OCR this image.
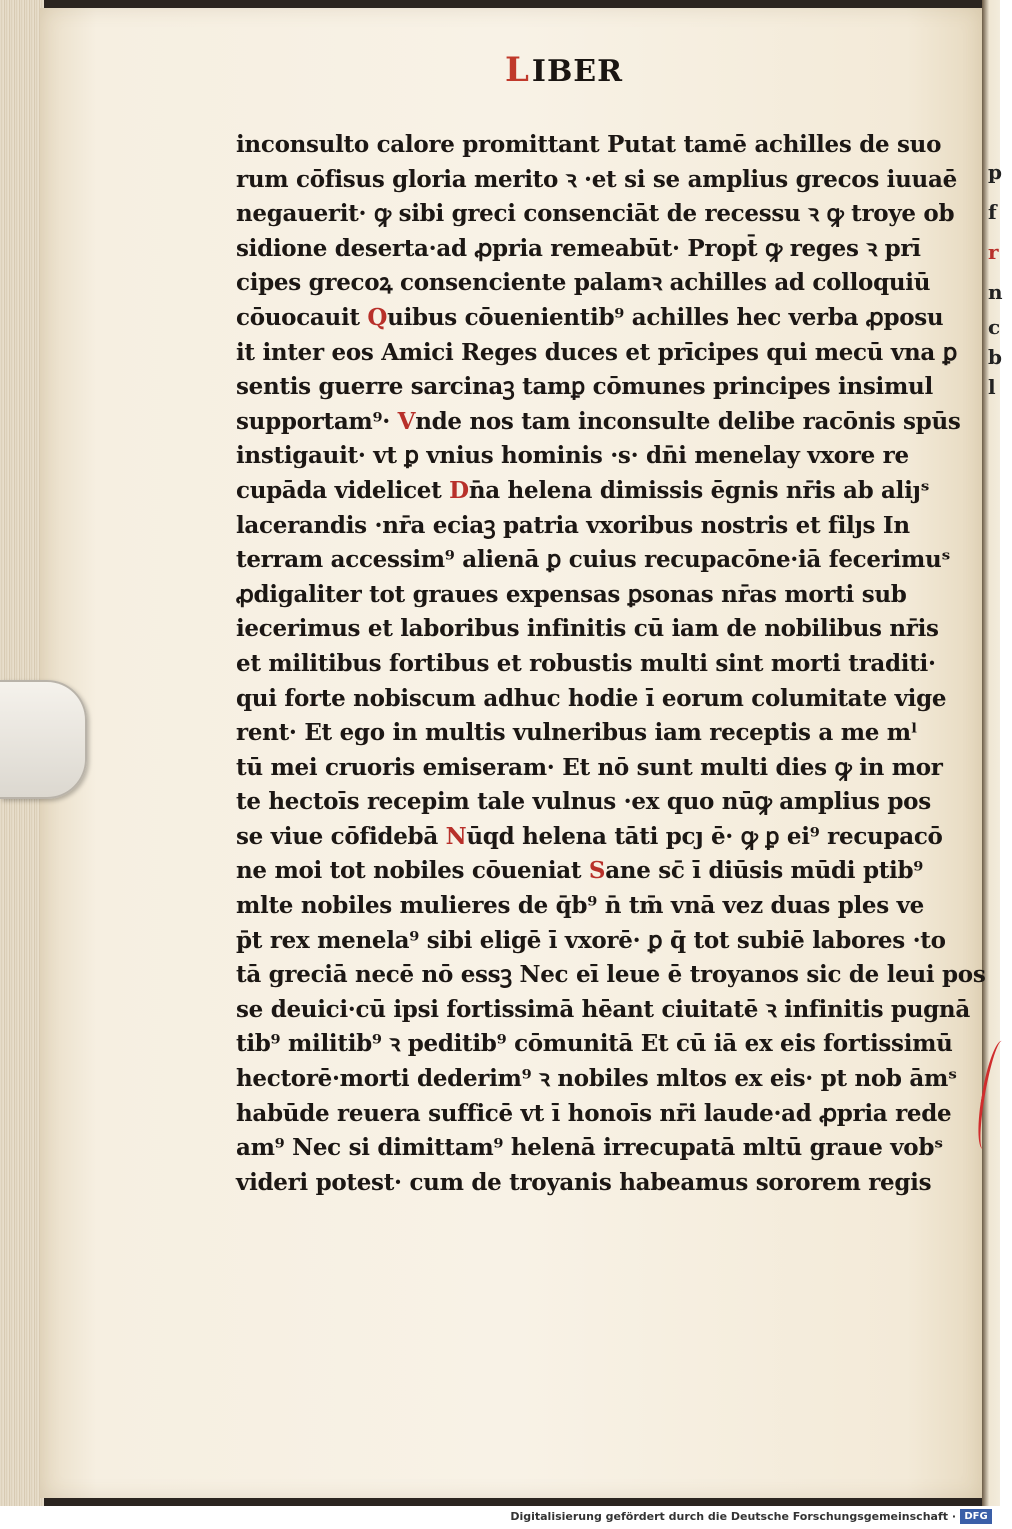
p
f
r
n
c
b
l
LIBER
inconsulto calore promittant Putat tamē achilles de suo
rum cōfisus gloria merito ꝛ ·et si se amplius grecos iuuaē
negauerit· ꝙ sibi greci consenciāt de recessu ꝛ ꝙ troye ob
sidione deserta·ad ꝓpria remeabūt· Propt̄ ꝙ reges ꝛ prī
cipes grecoꝝ consenciente palamꝛ achilles ad colloquiū
cōuocauit Quibus cōuenientib⁹ achilles hec verba ꝓposu
it inter eos Amici Reges duces et prīcipes qui mecū vna ꝑ
sentis guerre sarcinaꝫ tamꝑ cōmunes principes insimul
supportam⁹· Vnde nos tam inconsulte delibe racōnis spūs
instigauit· vt ꝑ vnius hominis ·s· dn̄i menelay vxore re
cupāda videlicet Dn̄a helena dimissis ēgnis nr̄is ab aliȷˢ
lacerandis ·nr̄a eciaꝫ patria vxoribus nostris et filȷs In
terram accessim⁹ alienā ꝑ cuius recupacōne·iā fecerimuˢ
ꝓdigaliter tot graues expensas ꝑsonas nr̄as morti sub
iecerimus et laboribus infinitis cū iam de nobilibus nr̄is
et militibus fortibus et robustis multi sint morti traditi·
qui forte nobiscum adhuc hodie ī eorum columitate vige
rent· Et ego in multis vulneribus iam receptis a me mˡ
tū mei cruoris emiseram· Et nō sunt multi dies ꝙ in mor
te hectoīs recepim tale vulnus ·ex quo nūꝙ amplius pos
se viue cōfidebā Nūqd helena tāti pcȷ ē· ꝙ ꝑ ei⁹ recupacō
ne moi tot nobiles cōueniat Sane sc̄ ī diūsis mūdi ptib⁹
mlte nobiles mulieres de q̄b⁹ n̄ tm̄ vnā vez duas ples ve
p̄t rex menela⁹ sibi eligē ī vxorē· ꝑ q̄ tot subiē labores ·to
tā greciā necē nō essꝫ Nec eī leue ē troyanos sic de leui pos
se deuici·cū ipsi fortissimā hēant ciuitatē ꝛ infinitis pugnā
tib⁹ militib⁹ ꝛ peditib⁹ cōmunitā Et cū iā ex eis fortissimū
hectorē·morti dederim⁹ ꝛ nobiles mltos ex eis· pt nob āmˢ
habūde reuera sufficē vt ī honoīs nr̄i laude·ad ꝓpria rede
am⁹ Nec si dimittam⁹ helenā irrecupatā mltū graue vobˢ
videri potest· cum de troyanis habeamus sororem regis
Digitalisierung gefördert durch die Deutsche Forschungsgemeinschaft · DFG
